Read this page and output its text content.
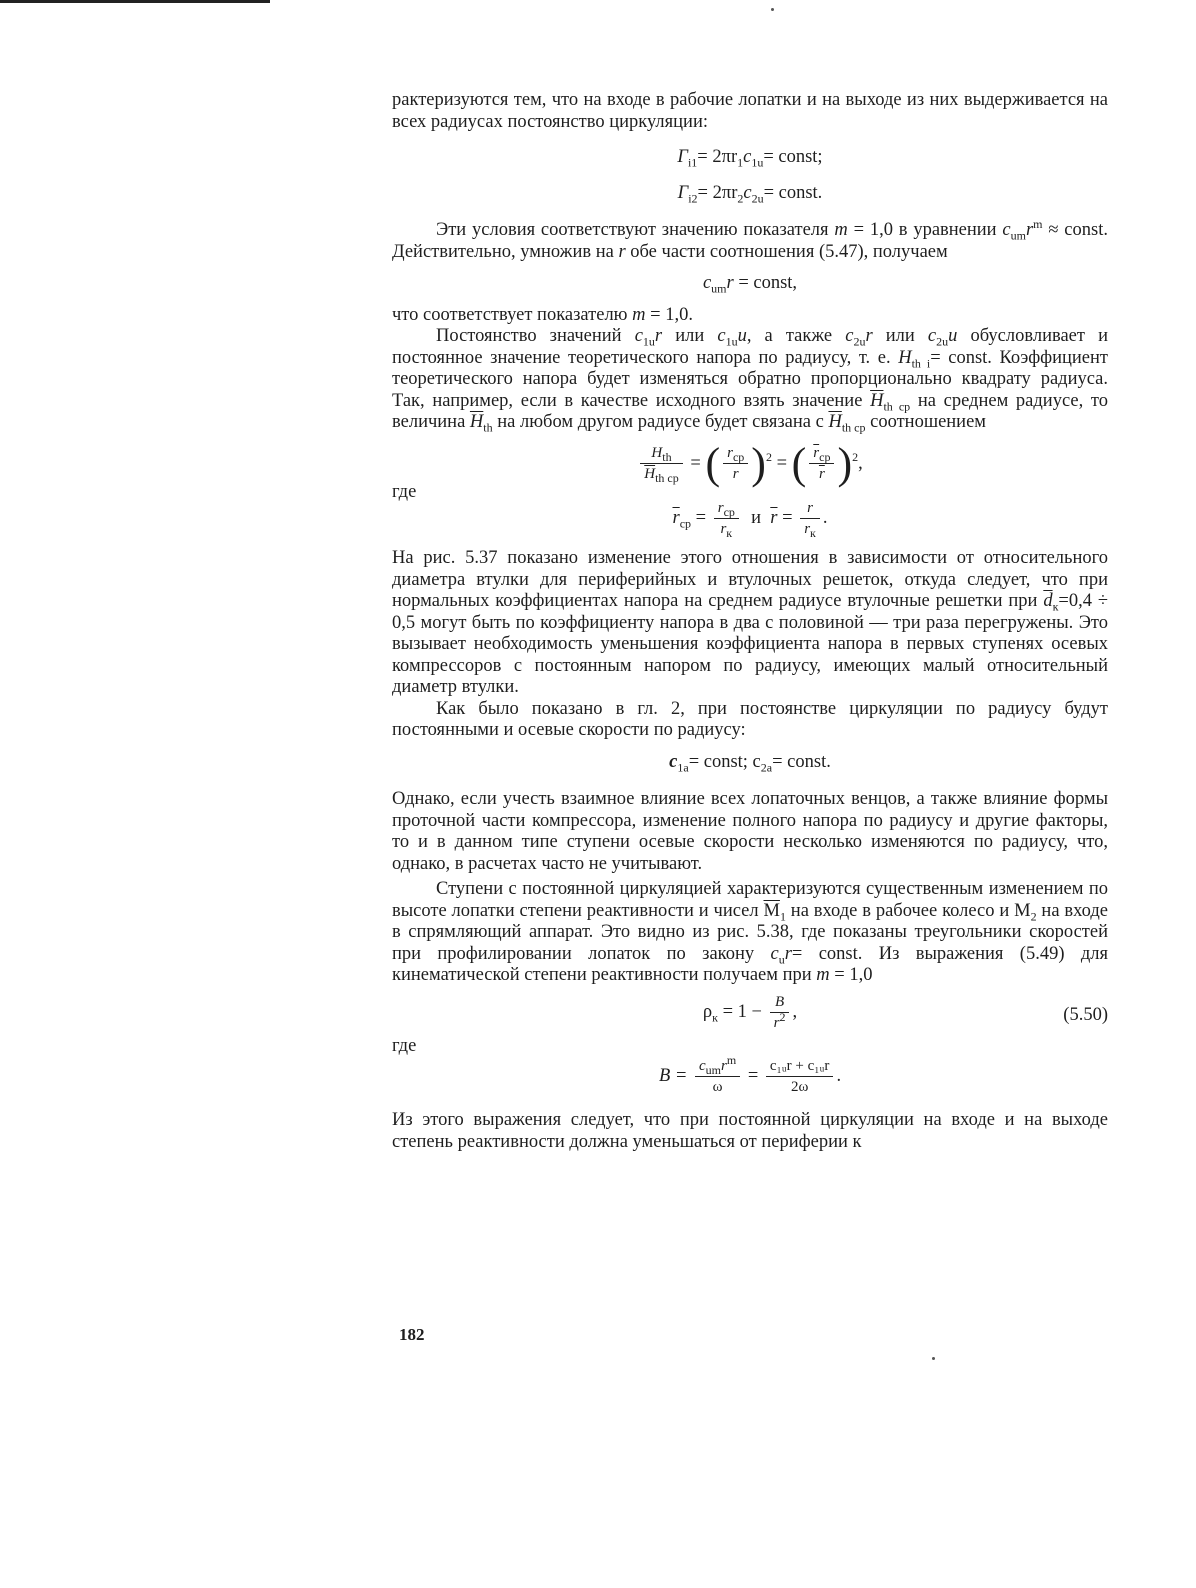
рактеризуются тем, что на входе в рабочие лопатки и на выходе из них выдерживается на всех радиусах постоянство циркуляции:

$Г_{i1}= 2\pi r_1c_{1u}=$ const;
$Г_{i2}= 2\pi r_2c_{2u}=$ const.

Эти условия соответствуют значению показателя m = 1,0 в уравнении $c_{um}r^m$ ≈ const. Действительно, умножив на r обе части соотношения (5.47), получаем

$c_{um}r$ = const,

что соответствует показателю m = 1,0.

Постоянство значений $c_{1u}r$ или $c_{1u}u$, а также $c_{2u}r$ или $c_{2u}u$ обусловливает и постоянное значение теоретического напора по радиусу, т. е. $H_{th i}=$ const. Коэффициент теоретического напора будет изменяться обратно пропорционально квадрату радиуса. Так, например, если в качестве исходного взять значение $\overline{H}_{th ср}$ на среднем радиусе, то величина $\overline{H}_{th}$ на любом другом радиусе будет связана с $\overline{H}_{th ср}$ соотношением

$\frac{H_{th}}{\overline{H}_{th ср}}$ = ( $\frac{r_{ср}}{r} )^2$ = ( $\frac{\overline{r}_{ср}}{r} )^2$,

где

$\overline{r}_{ср} = \frac{r_{ср}}{r_к}$ и $\overline{r} = \frac{r}{r_к}$ .

На рис. 5.37 показано изменение этого отношения в зависимости от относительного диаметра втулки для периферийных и втулочных решеток, откуда следует, что при нормальных коэффициентах напора на среднем радиусе втулочные решетки при $\overline{d}_к=0,4 \div 0,5$ могут быть по коэффициенту напора в два с половиной — три раза перегружены. Это вызывает необходимость уменьшения коэффициента напора в первых ступенях осевых компрессоров с постоянным напором по радиусу, имеющих малый относительный диаметр втулки.

Как было показано в гл. 2, при постоянстве циркуляции по радиусу будут постоянными и осевые скорости по радиусу:

$c_{1a}=$ const; $c_{2a}=$ const.

Однако, если учесть взаимное влияние всех лопаточных венцов, а также влияние формы проточной части компрессора, изменение полного напора по радиусу и другие факторы, то и в данном типе ступени осевые скорости несколько изменяются по радиусу, что, однако, в расчетах часто не учитывают.

Ступени с постоянной циркуляцией характеризуются существенным изменением по высоте лопатки степени реактивности и чисел $\overline{M}_1$ на входе в рабочее колесо и $M_2$ на входе в спрямляющий аппарат. Это видно из рис. 5.38, где показаны треугольники скоростей при профилировании лопаток по закону $c_ur=$ const. Из выражения (5.49) для кинематической степени реактивности получаем при m = 1,0

$\rho_к = 1 - \frac{B}{r^2}$ ,	(5.50)

где

$B = \frac{c_{um}r^m}{\omega} = \frac{\text{c₁ᵤr + c₁ᵤr}}{2\omega}$ .

Из этого выражения следует, что при постоянной циркуляции на входе и на выходе степень реактивности должна уменьшаться от периферии к

182
